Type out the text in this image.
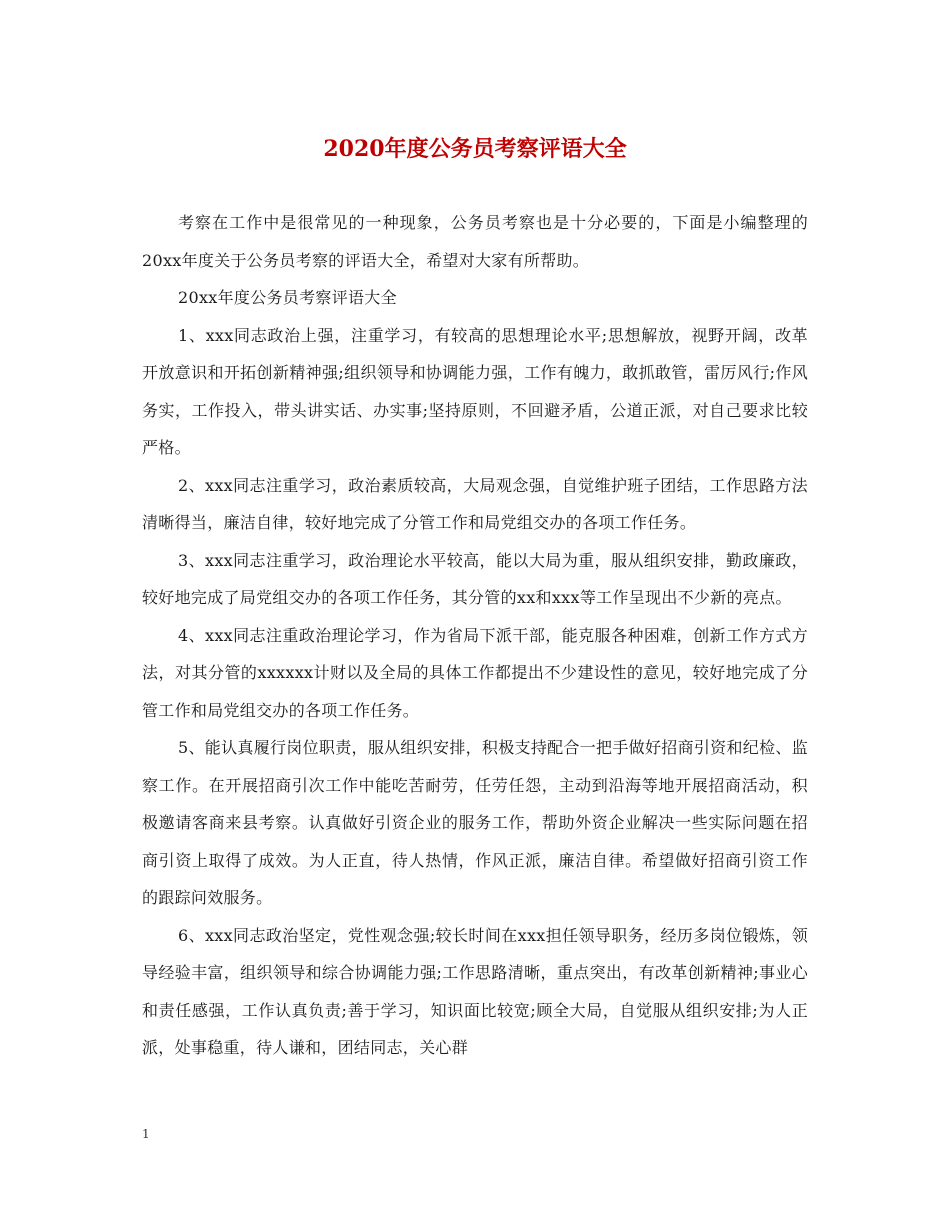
2020年度公务员考察评语大全

考察在工作中是很常见的一种现象，公务员考察也是十分必要的，下面是小编整理的20xx年度关于公务员考察的评语大全，希望对大家有所帮助。

20xx年度公务员考察评语大全

1、xxx同志政治上强，注重学习，有较高的思想理论水平;思想解放，视野开阔，改革开放意识和开拓创新精神强;组织领导和协调能力强，工作有魄力，敢抓敢管，雷厉风行;作风务实，工作投入，带头讲实话、办实事;坚持原则，不回避矛盾，公道正派，对自己要求比较严格。

2、xxx同志注重学习，政治素质较高，大局观念强，自觉维护班子团结，工作思路方法清晰得当，廉洁自律，较好地完成了分管工作和局党组交办的各项工作任务。

3、xxx同志注重学习，政治理论水平较高，能以大局为重，服从组织安排，勤政廉政，较好地完成了局党组交办的各项工作任务，其分管的xx和xxx等工作呈现出不少新的亮点。

4、xxx同志注重政治理论学习，作为省局下派干部，能克服各种困难，创新工作方式方法，对其分管的xxxxxx计财以及全局的具体工作都提出不少建设性的意见，较好地完成了分管工作和局党组交办的各项工作任务。

5、能认真履行岗位职责，服从组织安排，积极支持配合一把手做好招商引资和纪检、监察工作。在开展招商引次工作中能吃苦耐劳，任劳任怨，主动到沿海等地开展招商活动，积极邀请客商来县考察。认真做好引资企业的服务工作，帮助外资企业解决一些实际问题在招商引资上取得了成效。为人正直，待人热情，作风正派，廉洁自律。希望做好招商引资工作的跟踪问效服务。

6、xxx同志政治坚定，党性观念强;较长时间在xxx担任领导职务，经历多岗位锻炼，领导经验丰富，组织领导和综合协调能力强;工作思路清晰，重点突出，有改革创新精神;事业心和责任感强，工作认真负责;善于学习，知识面比较宽;顾全大局，自觉服从组织安排;为人正派，处事稳重，待人谦和，团结同志，关心群

1
